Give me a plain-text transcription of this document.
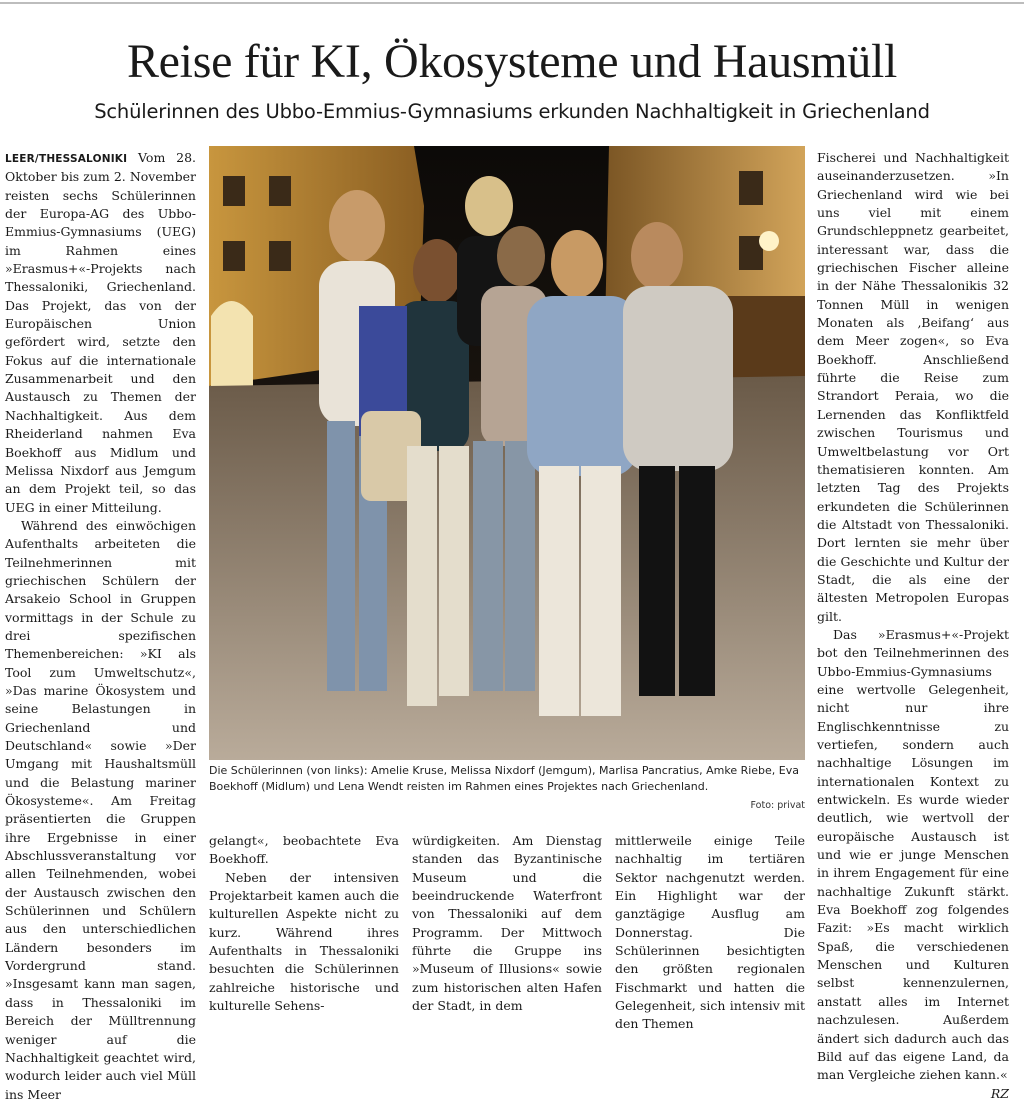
Reise für KI, Ökosysteme und Hausmüll
Schülerinnen des Ubbo-Emmius-Gymnasiums erkunden Nachhaltigkeit in Griechenland

LEER/THESSALONIKI Vom 28. Oktober bis zum 2. November reisten sechs Schülerinnen der Europa-AG des Ubbo-Emmius-Gymnasiums (UEG) im Rahmen eines »Erasmus+«-Projekts nach Thessaloniki, Griechenland. Das Projekt, das von der Europäischen Union gefördert wird, setzte den Fokus auf die internationale Zusammenarbeit und den Austausch zu Themen der Nachhaltigkeit. Aus dem Rheiderland nahmen Eva Boekhoff aus Midlum und Melissa Nixdorf aus Jemgum an dem Projekt teil, so das UEG in einer Mitteilung.

Während des einwöchigen Aufenthalts arbeiteten die Teilnehmerinnen mit griechischen Schülern der Arsakeio School in Gruppen vormittags in der Schule zu drei spezifischen Themenbereichen: »KI als Tool zum Umweltschutz«, »Das marine Ökosystem und seine Belastungen in Griechenland und Deutschland« sowie »Der Umgang mit Haushaltsmüll und die Belastung mariner Ökosysteme«. Am Freitag präsentierten die Gruppen ihre Ergebnisse in einer Abschlussveranstaltung vor allen Teilnehmenden, wobei der Austausch zwischen den Schülerinnen und Schülern aus den unterschiedlichen Ländern besonders im Vordergrund stand. »Insgesamt kann man sagen, dass in Thessaloniki im Bereich der Mülltrennung weniger auf die Nachhaltigkeit geachtet wird, wodurch leider auch viel Müll ins Meer

Die Schülerinnen (von links): Amelie Kruse, Melissa Nixdorf (Jemgum), Marlisa Pancratius, Amke Riebe, Eva Boekhoff (Midlum) und Lena Wendt reisten im Rahmen eines Projektes nach Griechenland.
Foto: privat

gelangt«, beobachtete Eva Boekhoff.

Neben der intensiven Projektarbeit kamen auch die kulturellen Aspekte nicht zu kurz. Während ihres Aufenthalts in Thessaloniki besuchten die Schülerinnen zahlreiche historische und kulturelle Sehens-

würdigkeiten. Am Dienstag standen das Byzantinische Museum und die beeindruckende Waterfront von Thessaloniki auf dem Programm. Der Mittwoch führte die Gruppe ins »Museum of Illusions« sowie zum historischen alten Hafen der Stadt, in dem

mittlerweile einige Teile nachhaltig im tertiären Sektor nachgenutzt werden. Ein Highlight war der ganztägige Ausflug am Donnerstag. Die Schülerinnen besichtigten den größten regionalen Fischmarkt und hatten die Gelegenheit, sich intensiv mit den Themen

Fischerei und Nachhaltigkeit auseinanderzusetzen. »In Griechenland wird wie bei uns viel mit einem Grundschleppnetz gearbeitet, interessant war, dass die griechischen Fischer alleine in der Nähe Thessalonikis 32 Tonnen Müll in wenigen Monaten als ‚Beifang‘ aus dem Meer zogen«, so Eva Boekhoff. Anschließend führte die Reise zum Strandort Peraia, wo die Lernenden das Konfliktfeld zwischen Tourismus und Umweltbelastung vor Ort thematisieren konnten. Am letzten Tag des Projekts erkundeten die Schülerinnen die Altstadt von Thessaloniki. Dort lernten sie mehr über die Geschichte und Kultur der Stadt, die als eine der ältesten Metropolen Europas gilt.

Das »Erasmus+«-Projekt bot den Teilnehmerinnen des Ubbo-Emmius-Gymnasiums eine wertvolle Gelegenheit, nicht nur ihre Englischkenntnisse zu vertiefen, sondern auch nachhaltige Lösungen im internationalen Kontext zu entwickeln. Es wurde wieder deutlich, wie wertvoll der europäische Austausch ist und wie er junge Menschen in ihrem Engagement für eine nachhaltige Zukunft stärkt. Eva Boekhoff zog folgendes Fazit: »Es macht wirklich Spaß, die verschiedenen Menschen und Kulturen selbst kennenzulernen, anstatt alles im Internet nachzulesen. Außerdem ändert sich dadurch auch das Bild auf das eigene Land, da man Vergleiche ziehen kann.«
RZ
